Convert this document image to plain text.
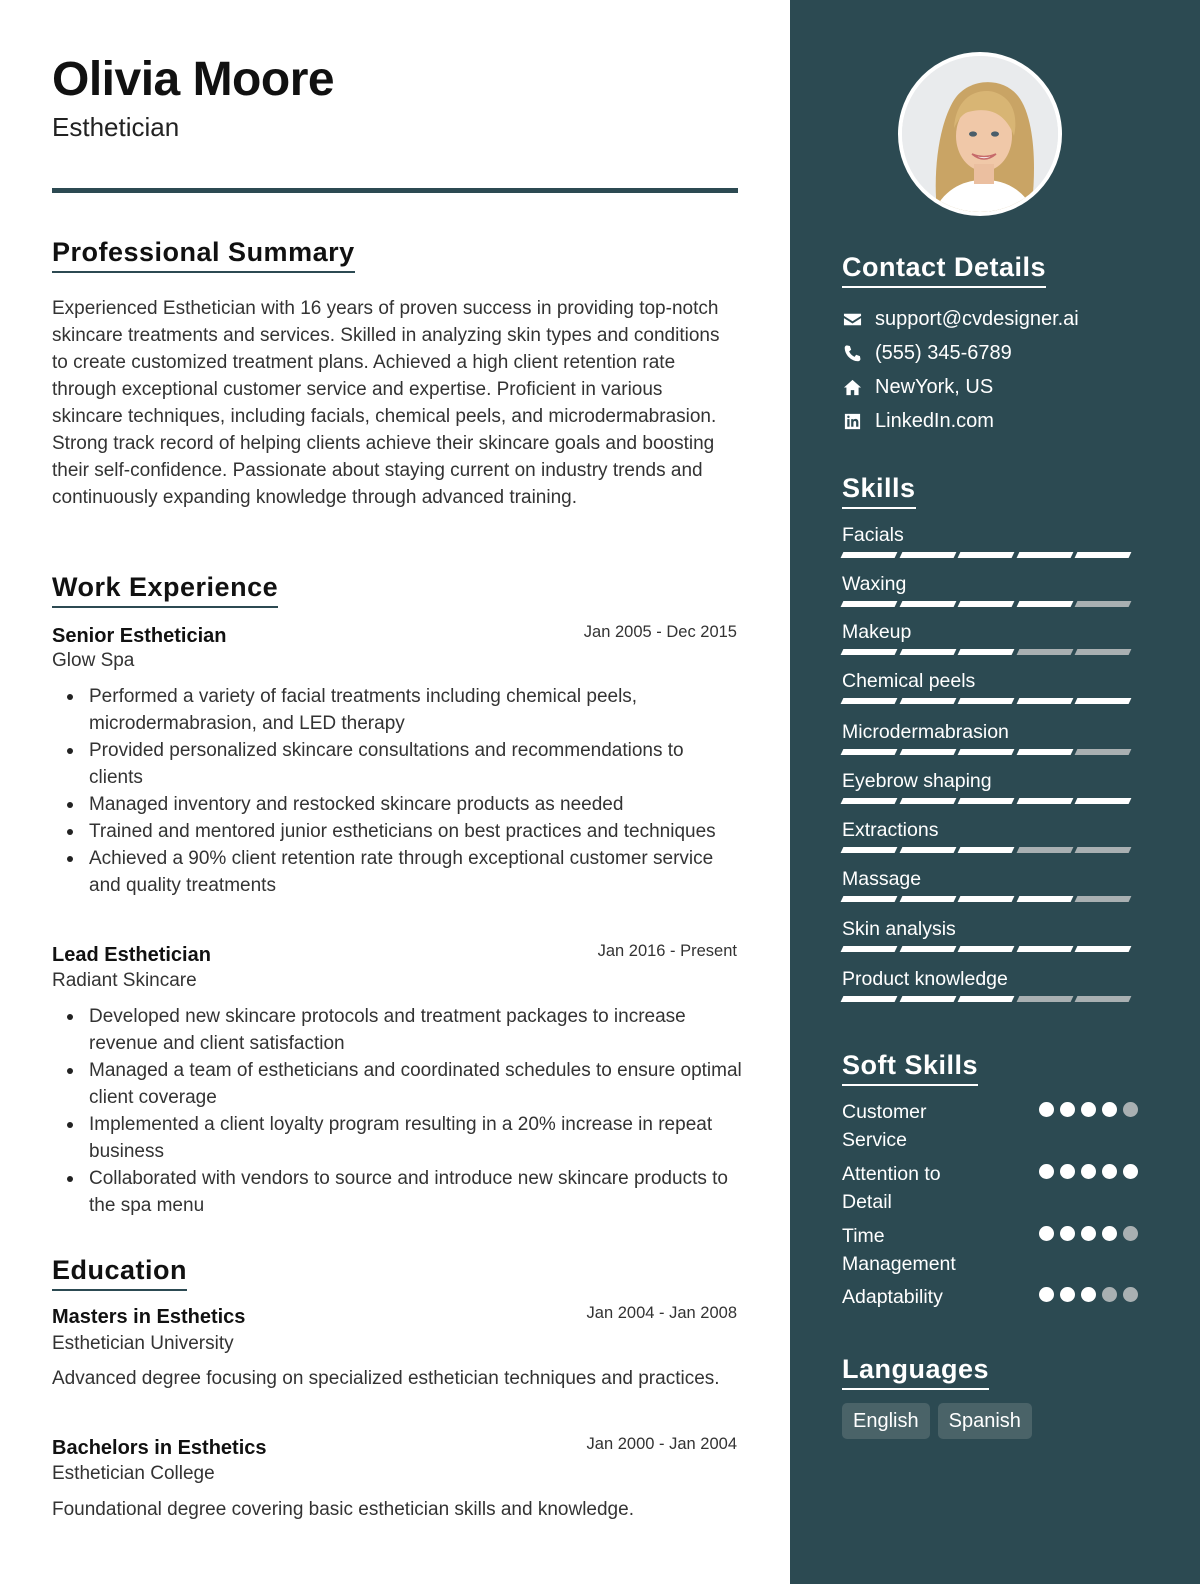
Olivia Moore
Esthetician
Professional Summary
Experienced Esthetician with 16 years of proven success in providing top-notch skincare treatments and services. Skilled in analyzing skin types and conditions to create customized treatment plans. Achieved a high client retention rate through exceptional customer service and expertise. Proficient in various skincare techniques, including facials, chemical peels, and microdermabrasion. Strong track record of helping clients achieve their skincare goals and boosting their self-confidence. Passionate about staying current on industry trends and continuously expanding knowledge through advanced training.
Work Experience
Senior Esthetician	Jan 2005 - Dec 2015
Glow Spa
Performed a variety of facial treatments including chemical peels, microdermabrasion, and LED therapy
Provided personalized skincare consultations and recommendations to clients
Managed inventory and restocked skincare products as needed
Trained and mentored junior estheticians on best practices and techniques
Achieved a 90% client retention rate through exceptional customer service and quality treatments
Lead Esthetician	Jan 2016 - Present
Radiant Skincare
Developed new skincare protocols and treatment packages to increase revenue and client satisfaction
Managed a team of estheticians and coordinated schedules to ensure optimal client coverage
Implemented a client loyalty program resulting in a 20% increase in repeat business
Collaborated with vendors to source and introduce new skincare products to the spa menu
Education
Masters in Esthetics	Jan 2004 - Jan 2008
Esthetician University
Advanced degree focusing on specialized esthetician techniques and practices.
Bachelors in Esthetics	Jan 2000 - Jan 2004
Esthetician College
Foundational degree covering basic esthetician skills and knowledge.
Contact Details
support@cvdesigner.ai
(555) 345-6789
NewYork, US
LinkedIn.com
Skills
Facials
Waxing
Makeup
Chemical peels
Microdermabrasion
Eyebrow shaping
Extractions
Massage
Skin analysis
Product knowledge
Soft Skills
Customer Service
Attention to Detail
Time Management
Adaptability
Languages
English	Spanish
